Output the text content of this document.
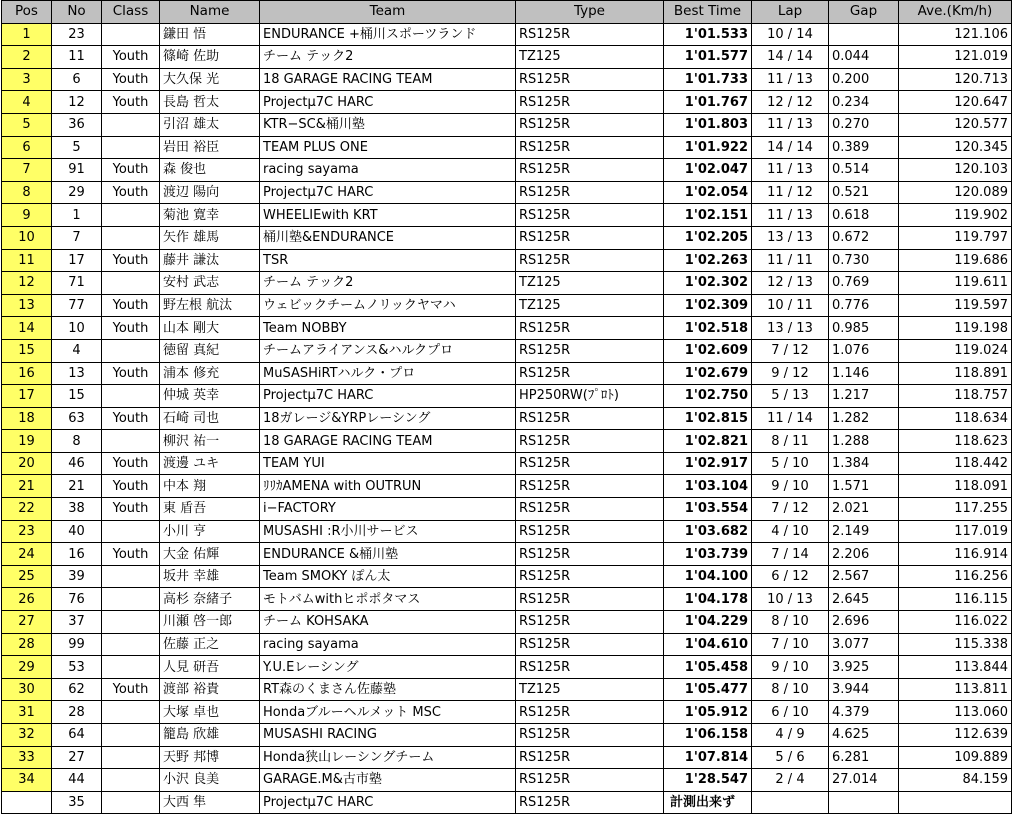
Pos	No	Class	Name	Team	Type	Best Time	Lap	Gap	Ave.(Km/h)
1	23		鎌田 悟	ENDURANCE +桶川スポーツランド	RS125R	1'01.533	10 / 14		121.106
2	11	Youth	篠崎 佐助	チーム テック2	TZ125	1'01.577	14 / 14	0.044	121.019
3	6	Youth	大久保 光	18 GARAGE RACING TEAM	RS125R	1'01.733	11 / 13	0.200	120.713
4	12	Youth	長島 哲太	Projectμ7C HARC	RS125R	1'01.767	12 / 12	0.234	120.647
5	36		引沼 雄太	KTR−SC&桶川塾	RS125R	1'01.803	11 / 13	0.270	120.577
6	5		岩田 裕臣	TEAM PLUS ONE	RS125R	1'01.922	14 / 14	0.389	120.345
7	91	Youth	森 俊也	racing sayama	RS125R	1'02.047	11 / 13	0.514	120.103
8	29	Youth	渡辺 陽向	Projectμ7C HARC	RS125R	1'02.054	11 / 12	0.521	120.089
9	1		菊池 寛幸	WHEELIEwith KRT	RS125R	1'02.151	11 / 13	0.618	119.902
10	7		矢作 雄馬	桶川塾&ENDURANCE	RS125R	1'02.205	13 / 13	0.672	119.797
11	17	Youth	藤井 謙汰	TSR	RS125R	1'02.263	11 / 11	0.730	119.686
12	71		安村 武志	チーム テック2	TZ125	1'02.302	12 / 13	0.769	119.611
13	77	Youth	野左根 航汰	ウェビックチームノリックヤマハ	TZ125	1'02.309	10 / 11	0.776	119.597
14	10	Youth	山本 剛大	Team NOBBY	RS125R	1'02.518	13 / 13	0.985	119.198
15	4		徳留 真紀	チームアライアンス&ハルクプロ	RS125R	1'02.609	7 / 12	1.076	119.024
16	13	Youth	浦本 修充	MuSASHiRTハルク・プロ	RS125R	1'02.679	9 / 12	1.146	118.891
17	15		仲城 英幸	Projectμ7C HARC	HP250RW(ﾌﾟﾛﾄ)	1'02.750	5 / 13	1.217	118.757
18	63	Youth	石崎 司也	18ガレージ&YRPレーシング	RS125R	1'02.815	11 / 14	1.282	118.634
19	8		柳沢 祐一	18 GARAGE RACING TEAM	RS125R	1'02.821	8 / 11	1.288	118.623
20	46	Youth	渡邊 ユキ	TEAM YUI	RS125R	1'02.917	5 / 10	1.384	118.442
21	21	Youth	中本 翔	ﾘﾘｶAMENA with OUTRUN	RS125R	1'03.104	9 / 10	1.571	118.091
22	38	Youth	東 盾吾	i−FACTORY	RS125R	1'03.554	7 / 12	2.021	117.255
23	40		小川 亨	MUSASHI :R小川サービス	RS125R	1'03.682	4 / 10	2.149	117.019
24	16	Youth	大金 佑輝	ENDURANCE &桶川塾	RS125R	1'03.739	7 / 14	2.206	116.914
25	39		坂井 幸雄	Team SMOKY ぽん太	RS125R	1'04.100	6 / 12	2.567	116.256
26	76		高杉 奈緒子	モトバムwithヒポポタマス	RS125R	1'04.178	10 / 13	2.645	116.115
27	37		川瀬 啓一郎	チーム KOHSAKA	RS125R	1'04.229	8 / 10	2.696	116.022
28	99		佐藤 正之	racing sayama	RS125R	1'04.610	7 / 10	3.077	115.338
29	53		人見 研吾	Y.U.Eレーシング	RS125R	1'05.458	9 / 10	3.925	113.844
30	62	Youth	渡部 裕貴	RT森のくまさん佐藤塾	TZ125	1'05.477	8 / 10	3.944	113.811
31	28		大塚 卓也	Hondaブルーヘルメット MSC	RS125R	1'05.912	6 / 10	4.379	113.060
32	64		籠島 欣雄	MUSASHI RACING	RS125R	1'06.158	4 / 9	4.625	112.639
33	27		天野 邦博	Honda狭山レーシングチーム	RS125R	1'07.814	5 / 6	6.281	109.889
34	44		小沢 良美	GARAGE.M&古市塾	RS125R	1'28.547	2 / 4	27.014	84.159
	35		大西 隼	Projectμ7C HARC	RS125R	計測出来ず			
